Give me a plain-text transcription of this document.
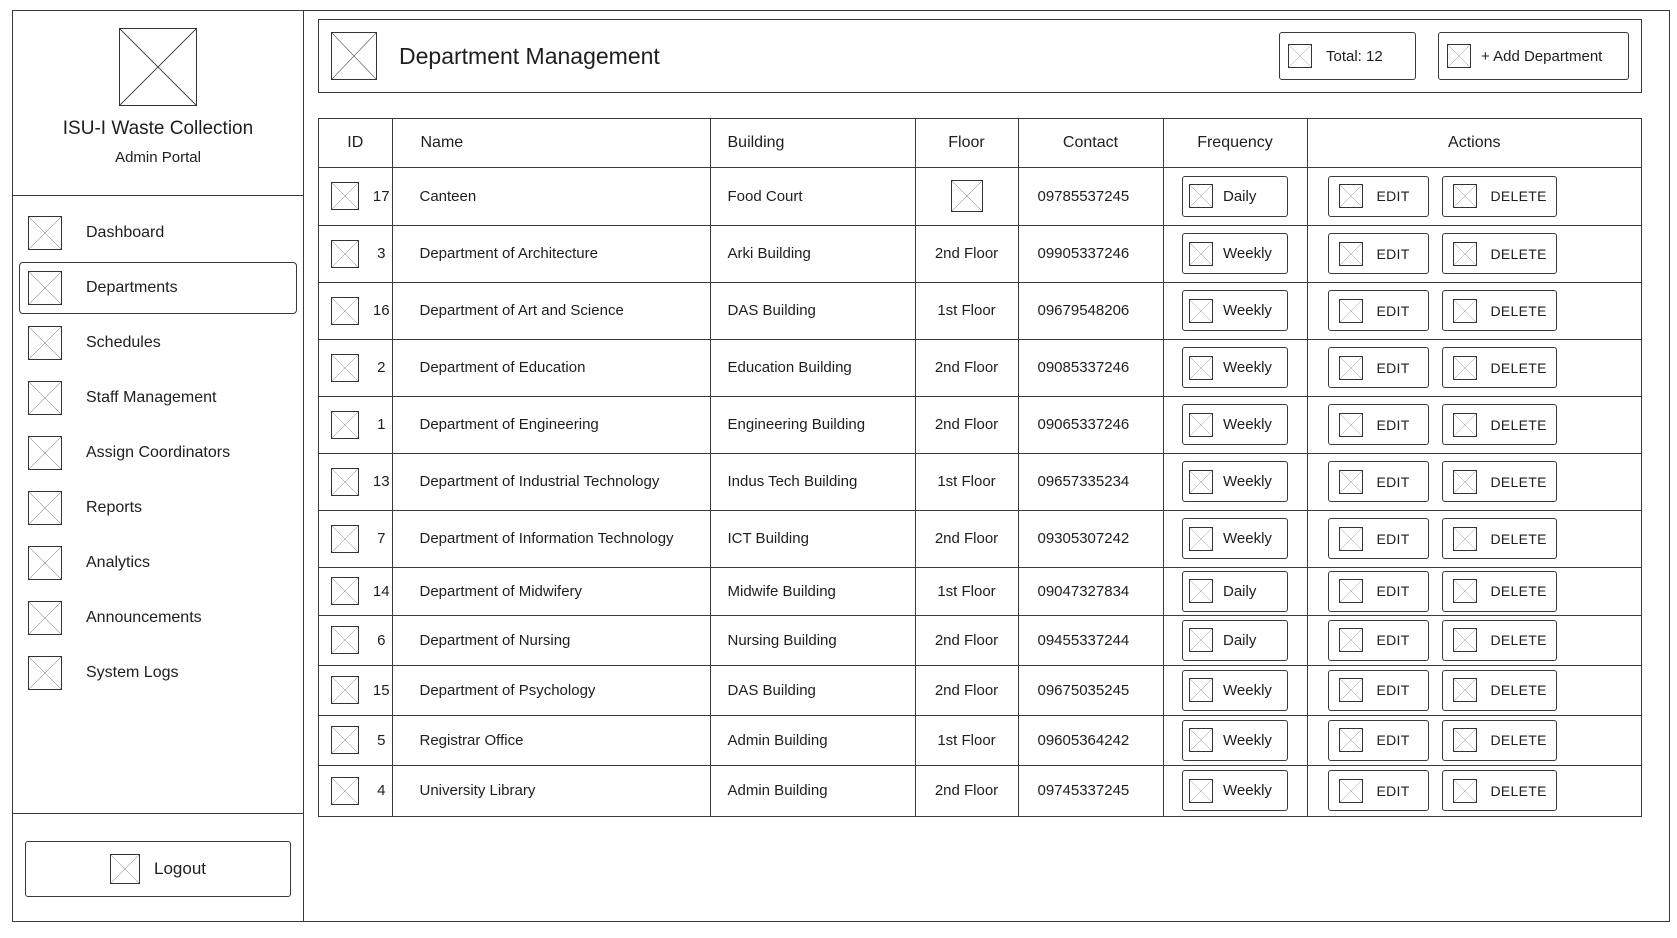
ISU-I Waste Collection
Admin Portal
Dashboard
Departments
Schedules
Staff Management
Assign Coordinators
Reports
Analytics
Announcements
System Logs
Logout
Department Management	Total: 12	+ Add Department
ID	Name	Building	Floor	Contact	Frequency	Actions

17	Canteen	Food Court		09785537245	Daily	EDIT DELETE

3	Department of Architecture	Arki Building	2nd Floor	09905337246	Weekly	EDIT DELETE

16	Department of Art and Science	DAS Building	1st Floor	09679548206	Weekly	EDIT DELETE

2	Department of Education	Education Building	2nd Floor	09085337246	Weekly	EDIT DELETE

1	Department of Engineering	Engineering Building	2nd Floor	09065337246	Weekly	EDIT DELETE

13	Department of Industrial Technology	Indus Tech Building	1st Floor	09657335234	Weekly	EDIT DELETE

7	Department of Information Technology	ICT Building	2nd Floor	09305307242	Weekly	EDIT DELETE

14	Department of Midwifery	Midwife Building	1st Floor	09047327834	Daily	EDIT DELETE

6	Department of Nursing	Nursing Building	2nd Floor	09455337244	Daily	EDIT DELETE

15	Department of Psychology	DAS Building	2nd Floor	09675035245	Weekly	EDIT DELETE

5	Registrar Office	Admin Building	1st Floor	09605364242	Weekly	EDIT DELETE

4	University Library	Admin Building	2nd Floor	09745337245	Weekly	EDIT DELETE
